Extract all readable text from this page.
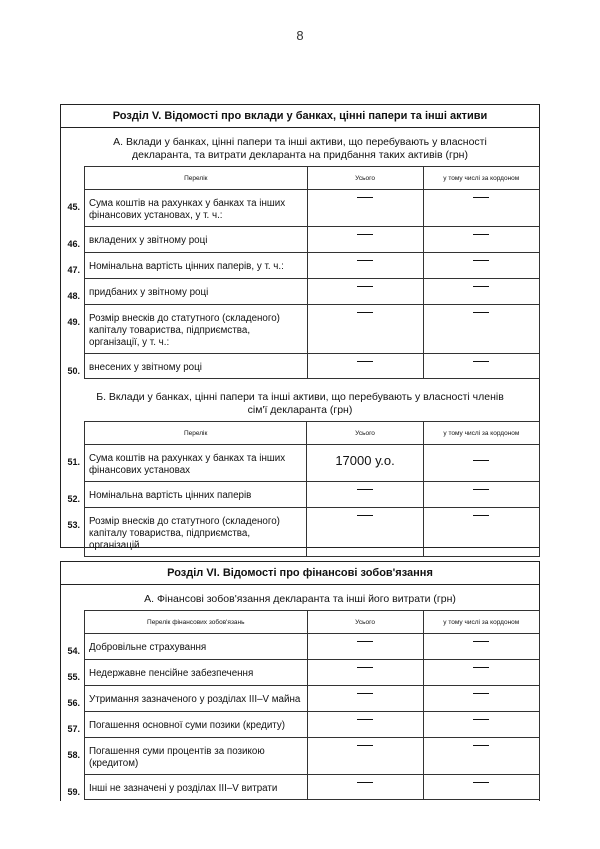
8
Розділ V. Відомості про вклади у банках, цінні папери та інші активи
А. Вклади у банках, цінні папери та інші активи, що перебувають у власності декларанта, та витрати декларанта на придбання таких активів (грн)
	Перелік	Усього	у тому числі за кордоном

45.	Сума коштів на рахунках у банках та інших фінансових установах, у т. ч.:	

46.	вкладених у звітному році	

47.	Номінальна вартість цінних паперів, у т. ч.:	

48.	придбаних у звітному році	

49.	Розмір внесків до статутного (складеного) капіталу товариства, підприємства, організації, у т. ч.:	

50.	внесених у звітному році	

Б. Вклади у банках, цінні папери та інші активи, що перебувають у власності членів сім'ї декларанта (грн)
	Перелік	Усього	у тому числі за кордоном

51.	Сума коштів на рахунках у банках та інших фінансових установах	17000 у.о.	

52.	Номінальна вартість цінних паперів	

53.	Розмір внесків до статутного (складеного) капіталу товариства, підприємства, організацій	

Розділ VI. Відомості про фінансові зобов'язання
А. Фінансові зобов'язання декларанта та інші його витрати (грн)
	Перелік фінансових зобов'язань	Усього	у тому числі за кордоном

54.	Добровільне страхування	

55.	Недержавне пенсійне забезпечення	

56.	Утримання зазначеного у розділах III–V майна	

57.	Погашення основної суми позики (кредиту)	

58.	Погашення суми процентів за позикою (кредитом)	

59.	Інші не зазначені у розділах III–V витрати	
